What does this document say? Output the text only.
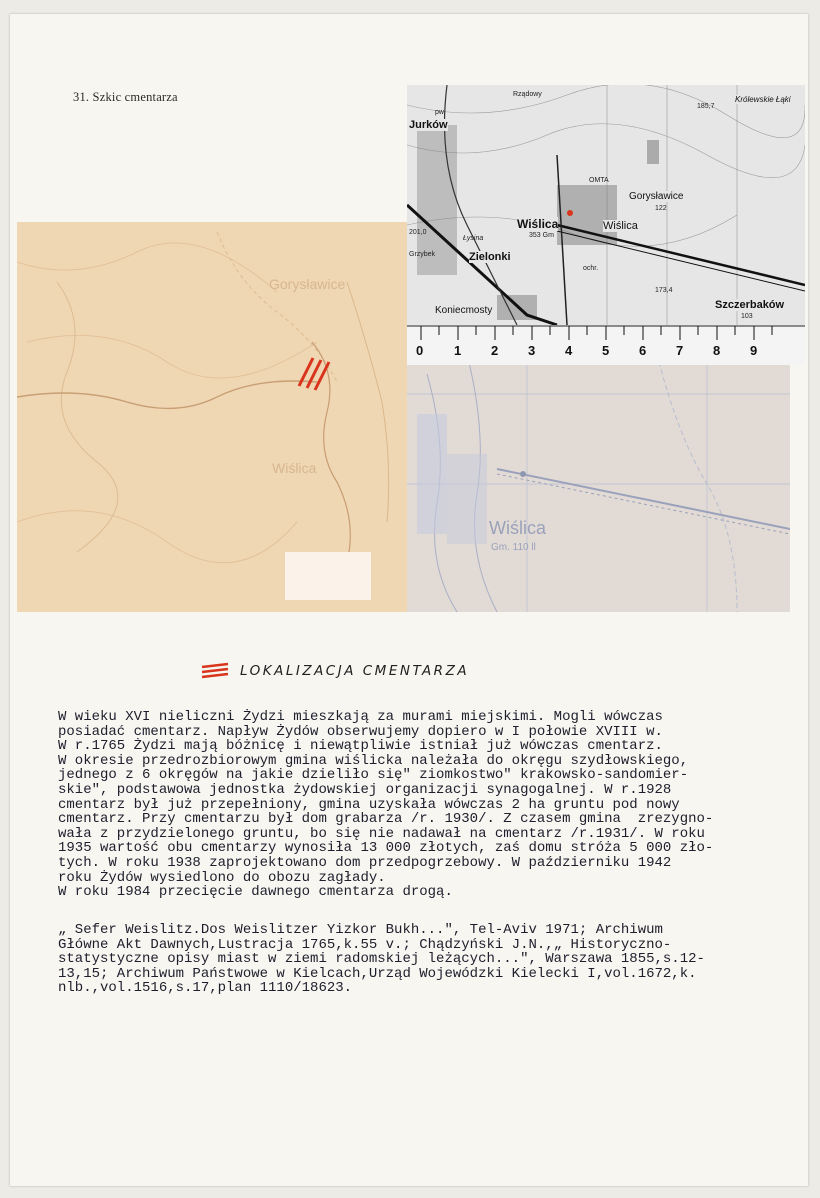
31. Szkic cmentarza
Gorysławice
Wiślica
Wiślica
Gm. 110 ll
0 1 2 3 4 5 6 7 8 9
Rządowy
pw.
Jurków
185,7
Królewskie Łąki
OMTA
Gorysławice
122
Łysina
Wiślica
353 Gm
Wiślica
201,0
Grzybek	Zielonki
ochr.
Koniecmosty
173,4
Szczerbaków
103
LOKALIZACJA CMENTARZA
W wieku XVI nieliczni Żydzi mieszkają za murami miejskimi. Mogli wówczas
posiadać cmentarz. Napływ Żydów obserwujemy dopiero w I połowie XVIII w.
W r.1765 Żydzi mają bóżnicę i niewątpliwie istniał już wówczas cmentarz.
W okresie przedrozbiorowym gmina wiślicka należała do okręgu szydłowskiego,
jednego z 6 okręgów na jakie dzieliło się" ziomkostwo" krakowsko-sandomier-
skie", podstawowa jednostka żydowskiej organizacji synagogalnej. W r.1928
cmentarz był już przepełniony, gmina uzyskała wówczas 2 ha gruntu pod nowy
cmentarz. Przy cmentarzu był dom grabarza /r. 1930/. Z czasem gmina  zrezygno-
wała z przydzielonego gruntu, bo się nie nadawał na cmentarz /r.1931/. W roku
1935 wartość obu cmentarzy wynosiła 13 000 złotych, zaś domu stróża 5 000 zło-
tych. W roku 1938 zaprojektowano dom przedpogrzebowy. W październiku 1942
roku Żydów wysiedlono do obozu zagłady.
W roku 1984 przecięcie dawnego cmentarza drogą.
„ Sefer Weislitz.Dos Weislitzer Yizkor Bukh...", Tel-Aviv 1971; Archiwum
Główne Akt Dawnych,Lustracja 1765,k.55 v.; Chądzyński J.N.,„ Historyczno-
statystyczne opisy miast w ziemi radomskiej leżących...", Warszawa 1855,s.12-
13,15; Archiwum Państwowe w Kielcach,Urząd Wojewódzki Kielecki I,vol.1672,k.
nlb.,vol.1516,s.17,plan 1110/18623.
